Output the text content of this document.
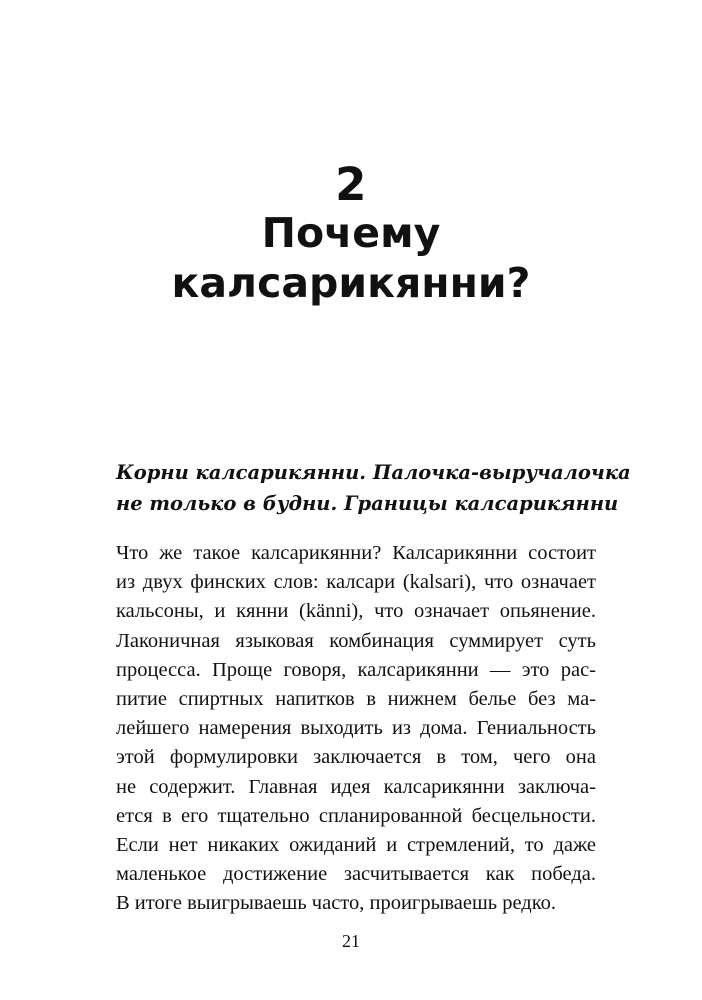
2
Почему
калсарикянни?
Корни калсарикянни. Палочка-выручалочка
не только в будни. Границы калсарикянни
Что же такое калсарикянни? Калсарикянни состоит
из двух финских слов: калсари (kalsari), что означает
кальсоны, и кянни (känni), что означает опьянение.
Лаконичная языковая комбинация суммирует суть
процесса. Проще говоря, калсарикянни — это рас-
питие спиртных напитков в нижнем белье без ма-
лейшего намерения выходить из дома. Гениальность
этой формулировки заключается в том, чего она
не содержит. Главная идея калсарикянни заключа-
ется в его тщательно спланированной бесцельности.
Если нет никаких ожиданий и стремлений, то даже
маленькое достижение засчитывается как победа.
В итоге выигрываешь часто, проигрываешь редко.
21
